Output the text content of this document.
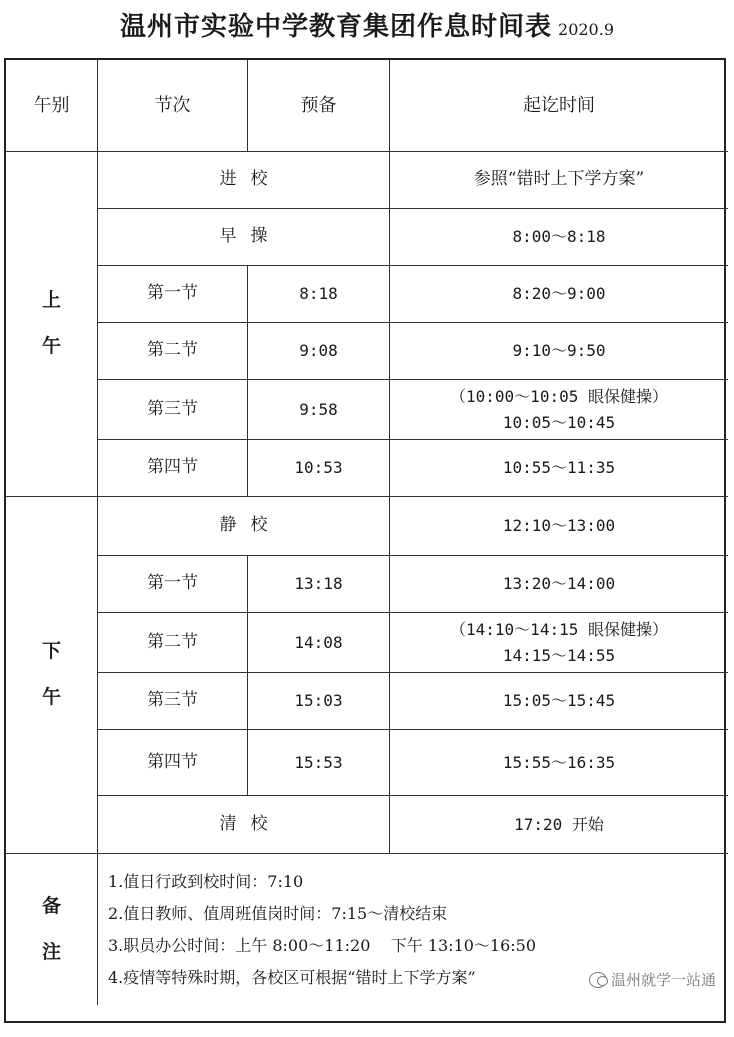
温州市实验中学教育集团作息时间表 2020.9
午别	节次	预备	起讫时间
上
午
进校	参照“错时上下学方案”
早操	8:00～8:18
第一节	8:18	8:20～9:00
第二节	9:08	9:10～9:50
第三节	9:58
（10:00～10:05 眼保健操）
10:05～10:45
第四节	10:53	10:55～11:35
下
午
静校	12:10～13:00
第一节	13:18	13:20～14:00
第二节	14:08
（14:10～14:15 眼保健操）
14:15～14:55
第三节	15:03	15:05～15:45
第四节	15:53	15:55～16:35
清校	17:20 开始
备
注
1.值日行政到校时间：7:10
2.值日教师、值周班值岗时间：7:15～清校结束
3.职员办公时间：上午 8:00～11:20    下午 13:10～16:50
4.疫情等特殊时期，各校区可根据“错时上下学方案”	温州就学一站通
